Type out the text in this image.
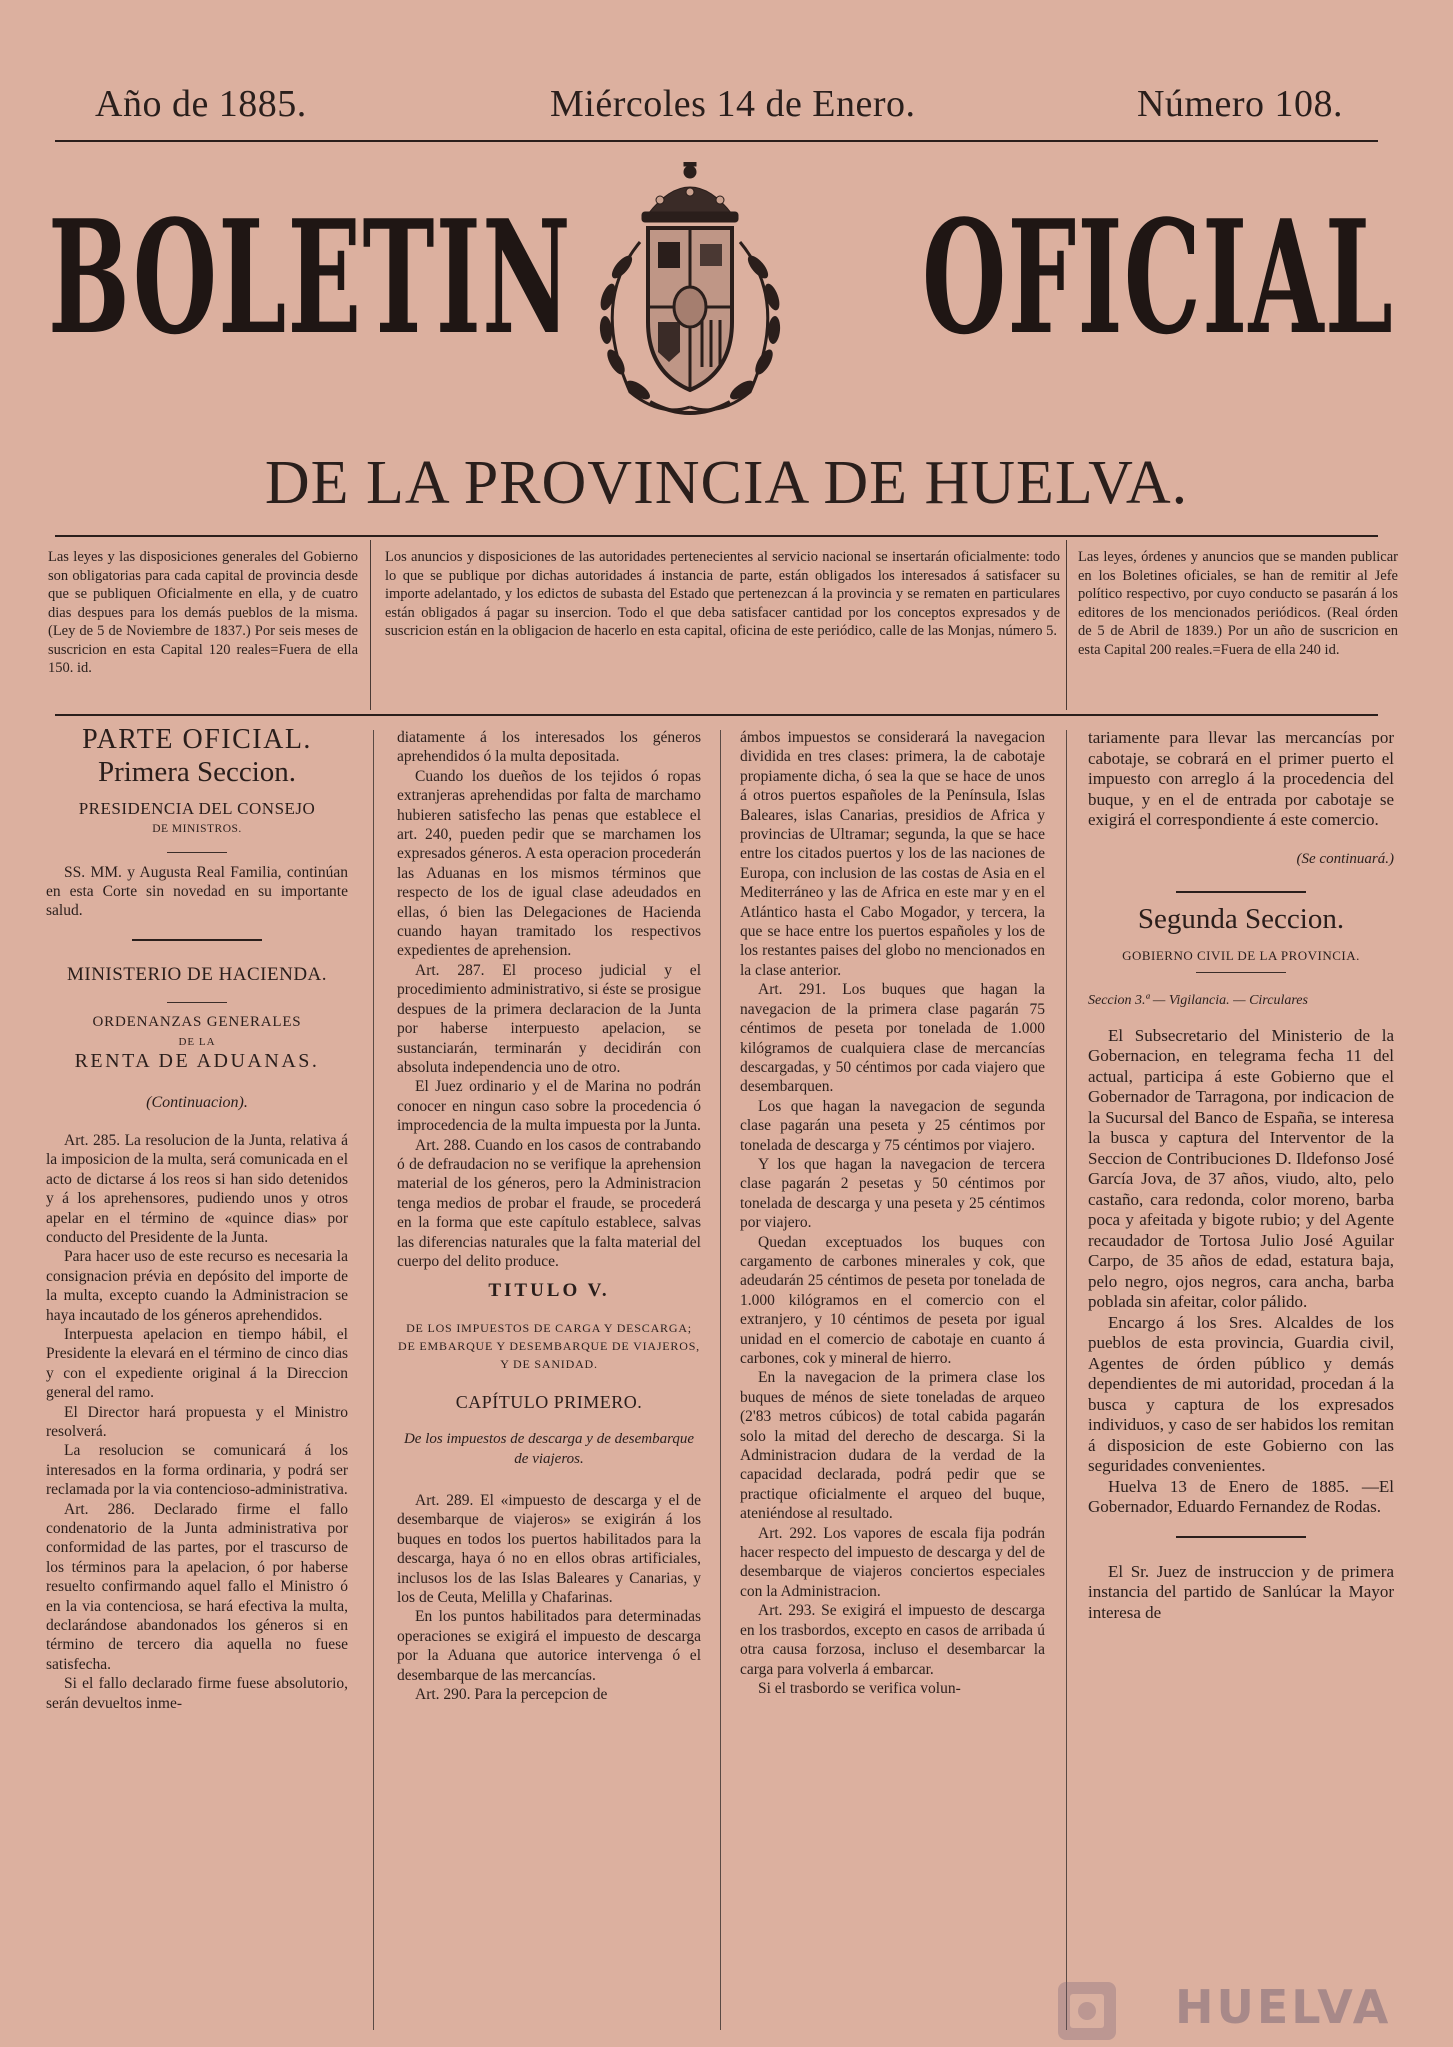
Año de 1885.	Miércoles 14 de Enero.	Número 108.
BOLETIN OFICIAL
DE LA PROVINCIA DE HUELVA.
Las leyes y las disposiciones generales del Gobierno son obligatorias para cada capital de provincia desde que se publiquen Oficialmente en ella, y de cuatro dias despues para los demás pueblos de la misma. (Ley de 5 de Noviembre de 1837.) Por seis meses de suscricion en esta Capital 120 reales=Fuera de ella 150. id.
Los anuncios y disposiciones de las autoridades pertenecientes al servicio nacional se insertarán oficialmente: todo lo que se publique por dichas autoridades á instancia de parte, están obligados los interesados á satisfacer su importe adelantado, y los edictos de subasta del Estado que pertenezcan á la provincia y se rematen en particulares están obligados á pagar su insercion. Todo el que deba satisfacer cantidad por los conceptos expresados y de suscricion están en la obligacion de hacerlo en esta capital, oficina de este periódico, calle de las Monjas, número 5.
Las leyes, órdenes y anuncios que se manden publicar en los Boletines oficiales, se han de remitir al Jefe político respectivo, por cuyo conducto se pasarán á los editores de los mencionados periódicos. (Real órden de 5 de Abril de 1839.) Por un año de suscricion en esta Capital 200 reales.=Fuera de ella 240 id.

PARTE OFICIAL.

Primera Seccion.

PRESIDENCIA DEL CONSEJO

DE MINISTROS.

SS. MM. y Augusta Real Familia, continúan en esta Corte sin novedad en su importante salud.

MINISTERIO DE HACIENDA.

ORDENANZAS GENERALES

DE LA

RENTA DE ADUANAS.

(Continuacion).

Art. 285. La resolucion de la Junta, relativa á la imposicion de la multa, será comunicada en el acto de dictarse á los reos si han sido detenidos y á los aprehensores, pudiendo unos y otros apelar en el término de «quince dias» por conducto del Presidente de la Junta.

Para hacer uso de este recurso es necesaria la consignacion prévia en depósito del importe de la multa, excepto cuando la Administracion se haya incautado de los géneros aprehendidos.

Interpuesta apelacion en tiempo hábil, el Presidente la elevará en el término de cinco dias y con el expediente original á la Direccion general del ramo.

El Director hará propuesta y el Ministro resolverá.

La resolucion se comunicará á los interesados en la forma ordinaria, y podrá ser reclamada por la via contencioso-administrativa.

Art. 286. Declarado firme el fallo condenatorio de la Junta administrativa por conformidad de las partes, por el trascurso de los términos para la apelacion, ó por haberse resuelto confirmando aquel fallo el Ministro ó en la via contenciosa, se hará efectiva la multa, declarándose abandonados los géneros si en término de tercero dia aquella no fuese satisfecha.

Si el fallo declarado firme fuese absolutorio, serán devueltos inme-

diatamente á los interesados los géneros aprehendidos ó la multa depositada.

Cuando los dueños de los tejidos ó ropas extranjeras aprehendidas por falta de marchamo hubieren satisfecho las penas que establece el art. 240, pueden pedir que se marchamen los expresados géneros. A esta operacion procederán las Aduanas en los mismos términos que respecto de los de igual clase adeudados en ellas, ó bien las Delegaciones de Hacienda cuando hayan tramitado los respectivos expedientes de aprehension.

Art. 287. El proceso judicial y el procedimiento administrativo, si éste se prosigue despues de la primera declaracion de la Junta por haberse interpuesto apelacion, se sustanciarán, terminarán y decidirán con absoluta independencia uno de otro.

El Juez ordinario y el de Marina no podrán conocer en ningun caso sobre la procedencia ó improcedencia de la multa impuesta por la Junta.

Art. 288. Cuando en los casos de contrabando ó de defraudacion no se verifique la aprehension material de los géneros, pero la Administracion tenga medios de probar el fraude, se procederá en la forma que este capítulo establece, salvas las diferencias naturales que la falta material del cuerpo del delito produce.

TITULO V.

DE LOS IMPUESTOS DE CARGA Y DESCARGA; DE EMBARQUE Y DESEMBARQUE DE VIAJEROS, Y DE SANIDAD.

CAPÍTULO PRIMERO.

De los impuestos de descarga y de desembarque de viajeros.

Art. 289. El «impuesto de descarga y el de desembarque de viajeros» se exigirán á los buques en todos los puertos habilitados para la descarga, haya ó no en ellos obras artificiales, inclusos los de las Islas Baleares y Canarias, y los de Ceuta, Melilla y Chafarinas.

En los puntos habilitados para determinadas operaciones se exigirá el impuesto de descarga por la Aduana que autorice intervenga ó el desembarque de las mercancías.

Art. 290. Para la percepcion de

ámbos impuestos se considerará la navegacion dividida en tres clases: primera, la de cabotaje propiamente dicha, ó sea la que se hace de unos á otros puertos españoles de la Península, Islas Baleares, islas Canarias, presidios de Africa y provincias de Ultramar; segunda, la que se hace entre los citados puertos y los de las naciones de Europa, con inclusion de las costas de Asia en el Mediterráneo y las de Africa en este mar y en el Atlántico hasta el Cabo Mogador, y tercera, la que se hace entre los puertos españoles y los de los restantes paises del globo no mencionados en la clase anterior.

Art. 291. Los buques que hagan la navegacion de la primera clase pagarán 75 céntimos de peseta por tonelada de 1.000 kilógramos de cualquiera clase de mercancías descargadas, y 50 céntimos por cada viajero que desembarquen.

Los que hagan la navegacion de segunda clase pagarán una peseta y 25 céntimos por tonelada de descarga y 75 céntimos por viajero.

Y los que hagan la navegacion de tercera clase pagarán 2 pesetas y 50 céntimos por tonelada de descarga y una peseta y 25 céntimos por viajero.

Quedan exceptuados los buques con cargamento de carbones minerales y cok, que adeudarán 25 céntimos de peseta por tonelada de 1.000 kilógramos en el comercio con el extranjero, y 10 céntimos de peseta por igual unidad en el comercio de cabotaje en cuanto á carbones, cok y mineral de hierro.

En la navegacion de la primera clase los buques de ménos de siete toneladas de arqueo (2'83 metros cúbicos) de total cabida pagarán solo la mitad del derecho de descarga. Si la Administracion dudara de la verdad de la capacidad declarada, podrá pedir que se practique oficialmente el arqueo del buque, ateniéndose al resultado.

Art. 292. Los vapores de escala fija podrán hacer respecto del impuesto de descarga y del de desembarque de viajeros conciertos especiales con la Administracion.

Art. 293. Se exigirá el impuesto de descarga en los trasbordos, excepto en casos de arribada ú otra causa forzosa, incluso el desembarcar la carga para volverla á embarcar.

Si el trasbordo se verifica volun-

tariamente para llevar las mercancías por cabotaje, se cobrará en el primer puerto el impuesto con arreglo á la procedencia del buque, y en el de entrada por cabotaje se exigirá el correspondiente á este comercio.

(Se continuará.)

Segunda Seccion.

GOBIERNO CIVIL DE LA PROVINCIA.

Seccion 3.ª — Vigilancia. — Circulares

El Subsecretario del Ministerio de la Gobernacion, en telegrama fecha 11 del actual, participa á este Gobierno que el Gobernador de Tarragona, por indicacion de la Sucursal del Banco de España, se interesa la busca y captura del Interventor de la Seccion de Contribuciones D. Ildefonso José García Jova, de 37 años, viudo, alto, pelo castaño, cara redonda, color moreno, barba poca y afeitada y bigote rubio; y del Agente recaudador de Tortosa Julio José Aguilar Carpo, de 35 años de edad, estatura baja, pelo negro, ojos negros, cara ancha, barba poblada sin afeitar, color pálido.

Encargo á los Sres. Alcaldes de los pueblos de esta provincia, Guardia civil, Agentes de órden público y demás dependientes de mi autoridad, procedan á la busca y captura de los expresados individuos, y caso de ser habidos los remitan á disposicion de este Gobierno con las seguridades convenientes.

Huelva 13 de Enero de 1885. —El Gobernador, Eduardo Fernandez de Rodas.

El Sr. Juez de instruccion y de primera instancia del partido de Sanlúcar la Mayor interesa de

HUELVA
